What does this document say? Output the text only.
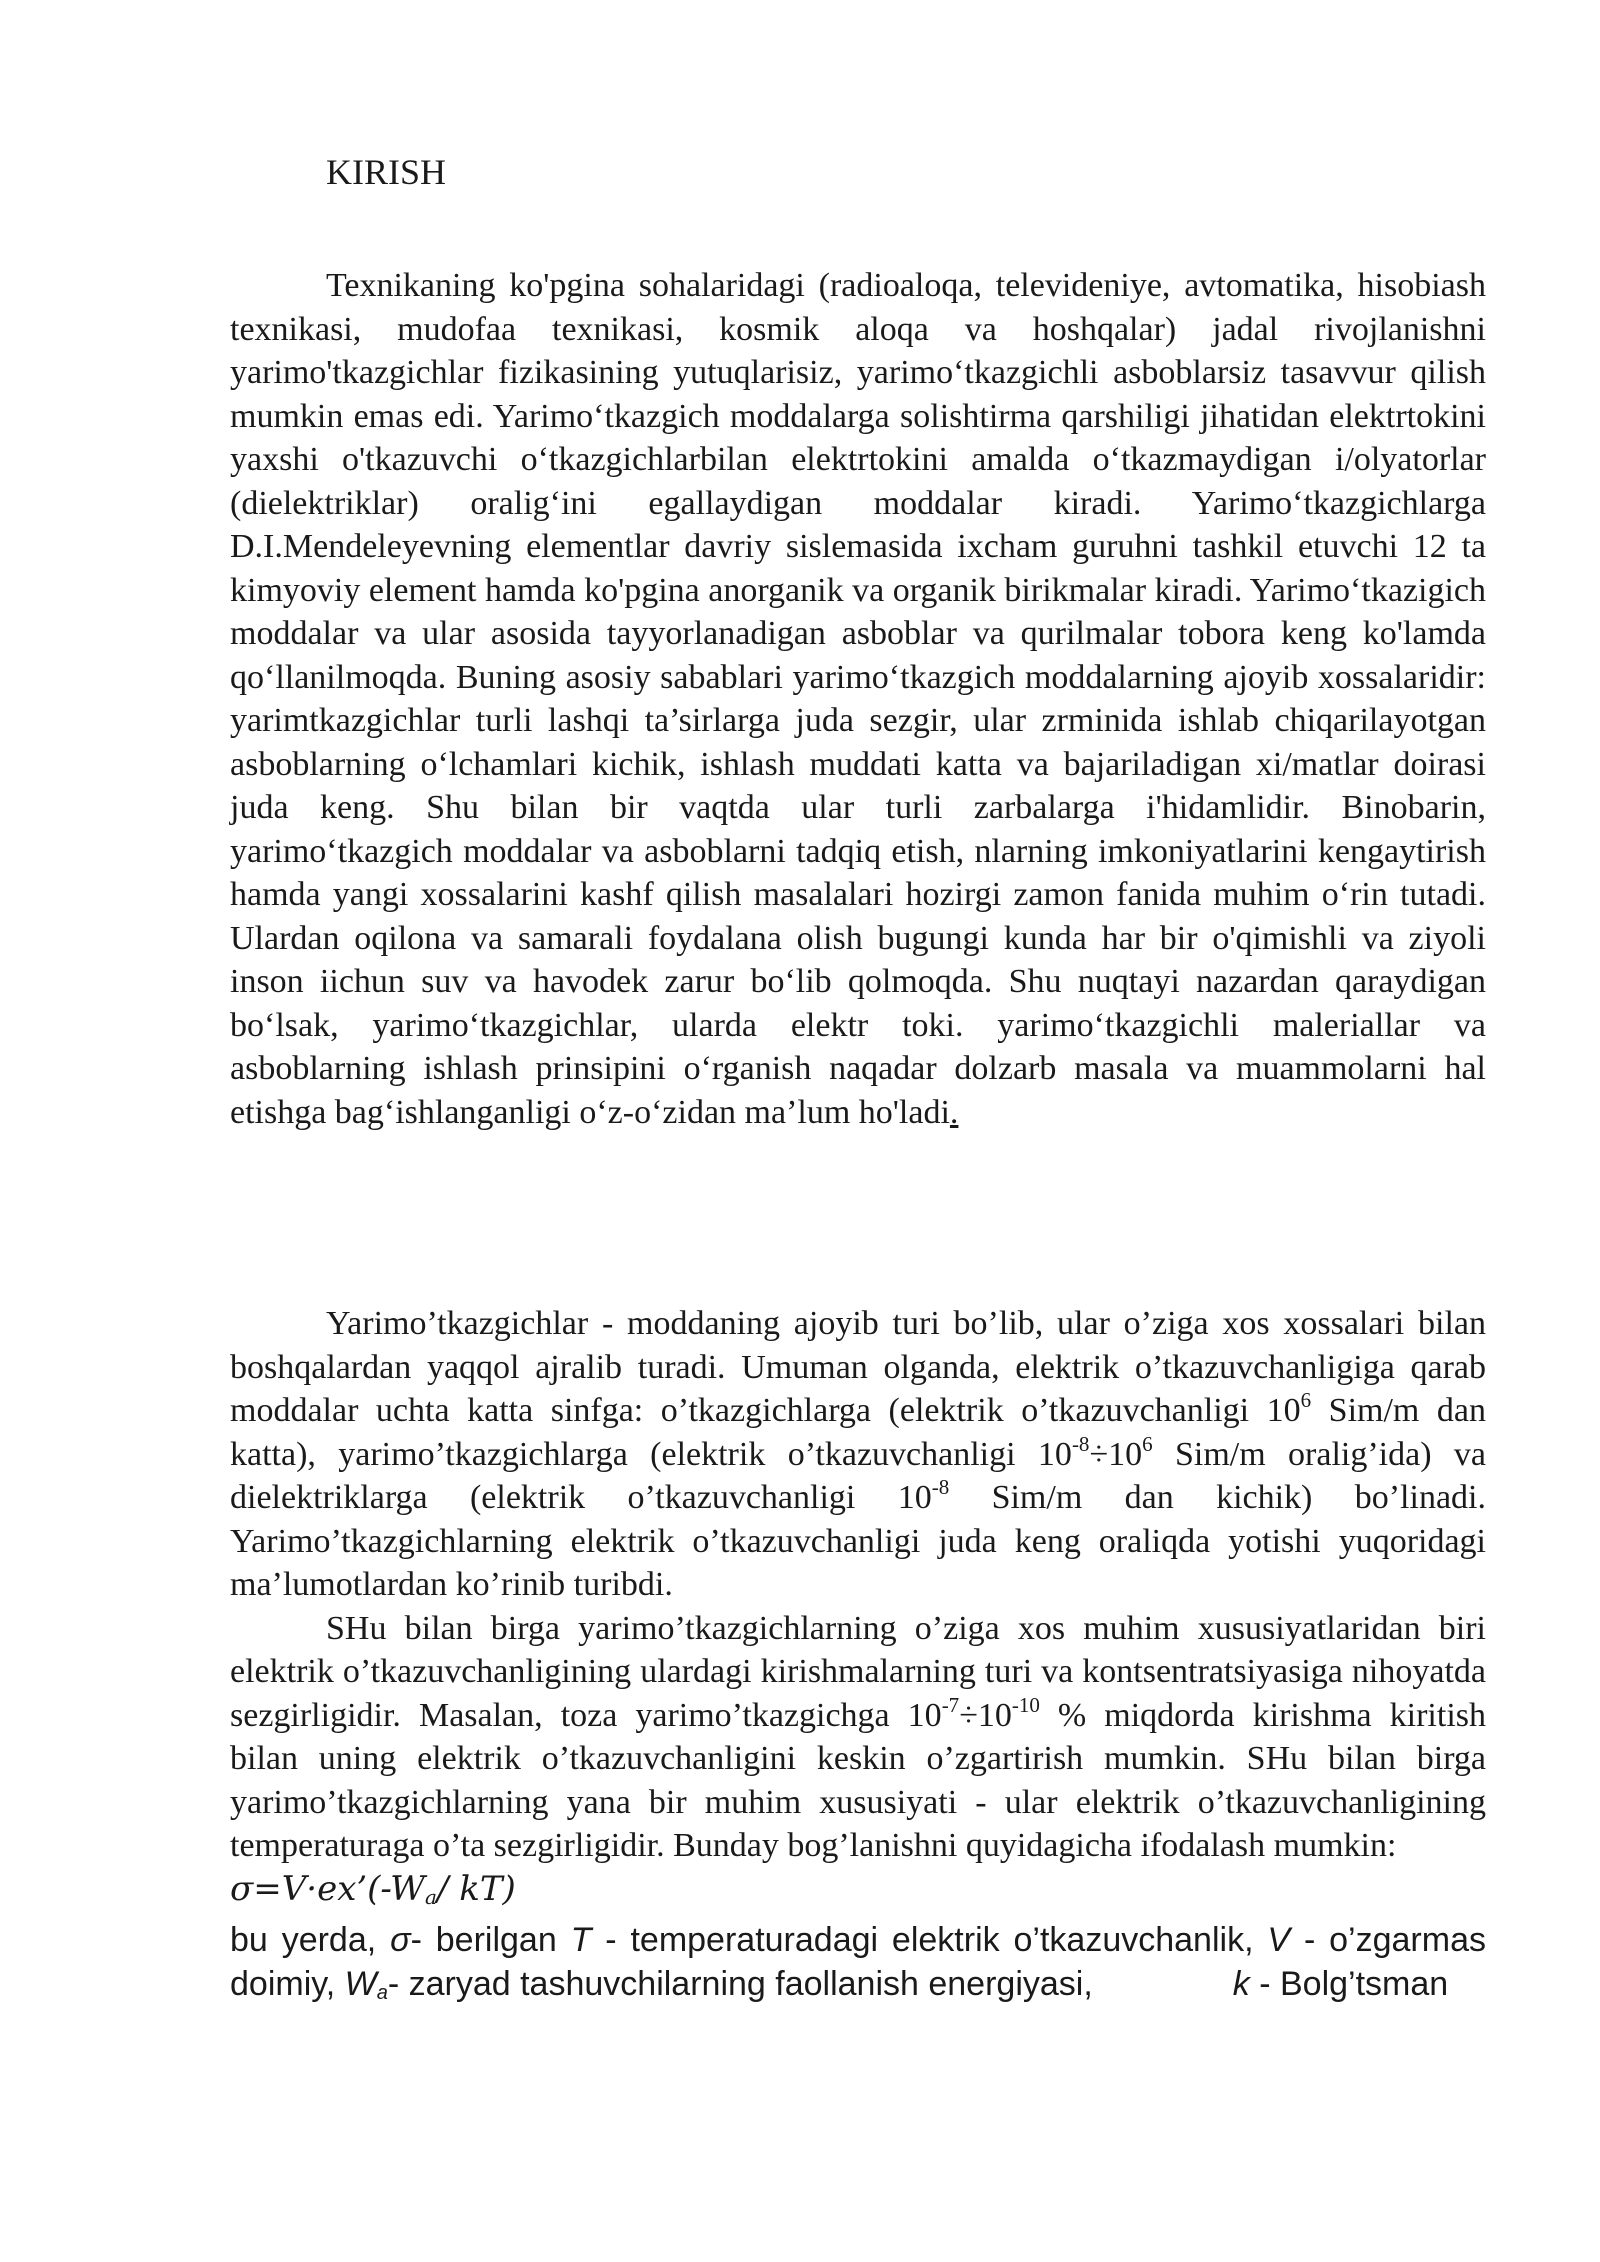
KIRISH

Texnikaning ko'pgina sohalaridagi (radioaloqa, televideniye, avtomatika, hisobiash texnikasi, mudofaa texnikasi, kosmik aloqa va hoshqalar) jadal rivojlanishni yarimo'tkazgichlar fizikasining yutuqlarisiz, yarimo‘tkazgichli asboblarsiz tasavvur qilish mumkin emas edi. Yarimo‘tkazgich moddalarga solishtirma qarshiligi jihatidan elektrtokini yaxshi o'tkazuvchi o‘tkazgichlarbilan elektrtokini amalda o‘tkazmaydigan i/olyatorlar (dielektriklar) oralig‘ini egallaydigan moddalar kiradi. Yarimo‘tkazgichlarga D.I.Mendeleyevning elementlar davriy sislemasida ixcham guruhni tashkil etuvchi 12 ta kimyoviy element hamda ko'pgina anorganik va organik birikmalar kiradi. Yarimo‘tkazigich moddalar va ular asosida tayyorlanadigan asboblar va qurilmalar tobora keng ko'lamda qo‘llanilmoqda. Buning asosiy sabablari yarimo‘tkazgich moddalarning ajoyib xossalaridir: yarimtkazgichlar turli lashqi ta’sirlarga juda sezgir, ular zrminida ishlab chiqarilayotgan asboblarning o‘lchamlari kichik, ishlash muddati katta va bajariladigan xi/matlar doirasi juda keng. Shu bilan bir vaqtda ular turli zarbalarga i'hidamlidir. Binobarin, yarimo‘tkazgich moddalar va asboblarni tadqiq etish, nlarning imkoniyatlarini kengaytirish hamda yangi xossalarini kashf qilish masalalari hozirgi zamon fanida muhim o‘rin tutadi. Ulardan oqilona va samarali foydalana olish bugungi kunda har bir o'qimishli va ziyoli inson iichun suv va havodek zarur bo‘lib qolmoqda. Shu nuqtayi nazardan qaraydigan bo‘lsak, yarimo‘tkazgichlar, ularda elektr toki. yarimo‘tkazgichli maleriallar va asboblarning ishlash prinsipini o‘rganish naqadar dolzarb masala va muammolarni hal etishga bag‘ishlanganligi o‘z-o‘zidan ma’lum ho'ladi.

Yarimo’tkazgichlar - moddaning ajoyib turi bo’lib, ular o’ziga xos xossalari bilan boshqalardan yaqqol ajralib turadi. Umuman olganda, elektrik o’tkazuvchanligiga qarab moddalar uchta katta sinfga: o’tkazgichlarga (elektrik o’tkazuvchanligi $10^6$ Sim/m dan katta), yarimo’tkazgichlarga (elektrik o’tkazuvchanligi $10^{-8}\div 10^6$ Sim/m oralig’ida) va dielektriklarga (elektrik o’tkazuvchanligi $10^{-8}$ Sim/m dan kichik) bo’linadi. Yarimo’tkazgichlarning elektrik o’tkazuvchanligi juda keng oraliqda yotishi yuqoridagi ma’lumotlardan ko’rinib turibdi.

SHu bilan birga yarimo’tkazgichlarning o’ziga xos muhim xususiyatlaridan biri elektrik o’tkazuvchanligining ulardagi kirishmalarning turi va kontsentratsiyasiga nihoyatda sezgirligidir. Masalan, toza yarimo’tkazgichga $10^{-7}\div 10^{-10}$ % miqdorda kirishma kiritish bilan uning elektrik o’tkazuvchanligini keskin o’zgartirish mumkin. SHu bilan birga yarimo’tkazgichlarning yana bir muhim xususiyati - ular elektrik o’tkazuvchanligining temperaturaga o’ta sezgirligidir. Bunday bog’lanishni quyidagicha ifodalash mumkin:

$\sigma=V\cdot ex’(-W_a/$ kT)

bu yerda, σ- berilgan T - temperaturadagi elektrik o’tkazuvchanlik, V - o’zgarmas doimiy, $W_a-$ zaryad tashuvchilarning faollanish energiyasi,	k - Bolg’tsman
